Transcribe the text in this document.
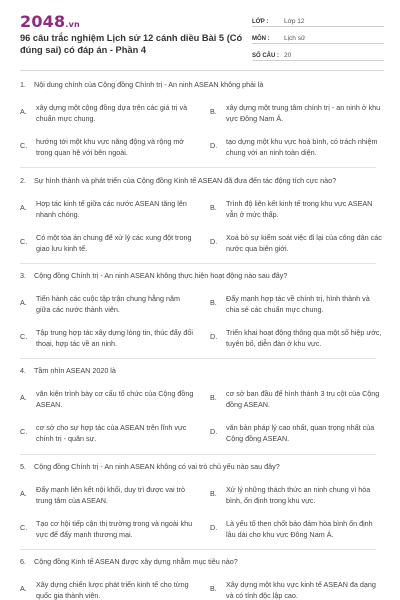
2048.vn
96 câu trắc nghiệm Lịch sử 12 cánh diều Bài 5 (Có đúng sai) có đáp án - Phần 4
LỚP :	Lớp 12
MÔN :	Lịch sử
SỐ CÂU : 20
1. Nội dung chính của Cộng đồng Chính trị - An ninh ASEAN không phải là
A. xây dựng một cộng đồng dựa trên các giá trị và chuẩn mực chung.
B. xây dựng một trung tâm chính trị - an ninh ở khu vực Đông Nam Á.
C. hướng tới một khu vực năng động và rộng mở trong quan hệ với bên ngoài.
D. tạo dựng một khu vực hoà bình, có trách nhiệm chung với an ninh toàn diện.
2. Sự hình thành và phát triển của Cộng đồng Kinh tế ASEAN đã đưa đến tác động tích cực nào?
A. Hợp tác kinh tế giữa các nước ASEAN tăng lên nhanh chóng.
B. Trình độ liên kết kinh tế trong khu vực ASEAN vẫn ở mức thấp.
C. Có một tòa án chung để xử lý các xung đột trong giao lưu kinh tế.
D. Xoá bỏ sự kiểm soát việc đi lại của công dân các nước qua biên giới.
3. Cộng đồng Chính trị - An ninh ASEAN không thực hiện hoạt động nào sau đây?
A. Tiến hành các cuộc tập trận chung hằng năm giữa các nước thành viên.
B. Đẩy mạnh hợp tác về chính trị, hình thành và chia sẻ các chuẩn mực chung.
C. Tập trung hợp tác xây dựng lòng tin, thúc đẩy đối thoại, hợp tác về an ninh.
D. Triển khai hoạt động thông qua một số hiệp ước, tuyên bố, diễn đàn ở khu vực.
4. Tầm nhìn ASEAN 2020 là
A. văn kiện trình bày cơ cấu tổ chức của Cộng đồng ASEAN.
B. cơ sở ban đầu để hình thành 3 trụ cột của Cộng đồng ASEAN.
C. cơ sở cho sự hợp tác của ASEAN trên lĩnh vực chính trị - quân sự.
D. văn bản pháp lý cao nhất, quan trọng nhất của Cộng đồng ASEAN.
5. Cộng đồng Chính trị - An ninh ASEAN không có vai trò chủ yếu nào sau đây?
A. Đẩy mạnh liên kết nội khối, duy trì được vai trò trung tâm của ASEAN.
B. Xử lý những thách thức an ninh chung vì hòa bình, ổn định trong khu vực.
C. Tạo cơ hội tiếp cận thị trường trong và ngoài khu vực để đẩy mạnh thương mại.
D. Là yếu tố then chốt bảo đảm hòa bình ổn định lâu dài cho khu vực Đông Nam Á.
6. Cộng đồng Kinh tế ASEAN được xây dựng nhằm mục tiêu nào?
A. Xây dựng chiến lược phát triển kinh tế cho từng quốc gia thành viên.
B. Xây dựng một khu vực kinh tế ASEAN đa dạng và có tính độc lập cao.
